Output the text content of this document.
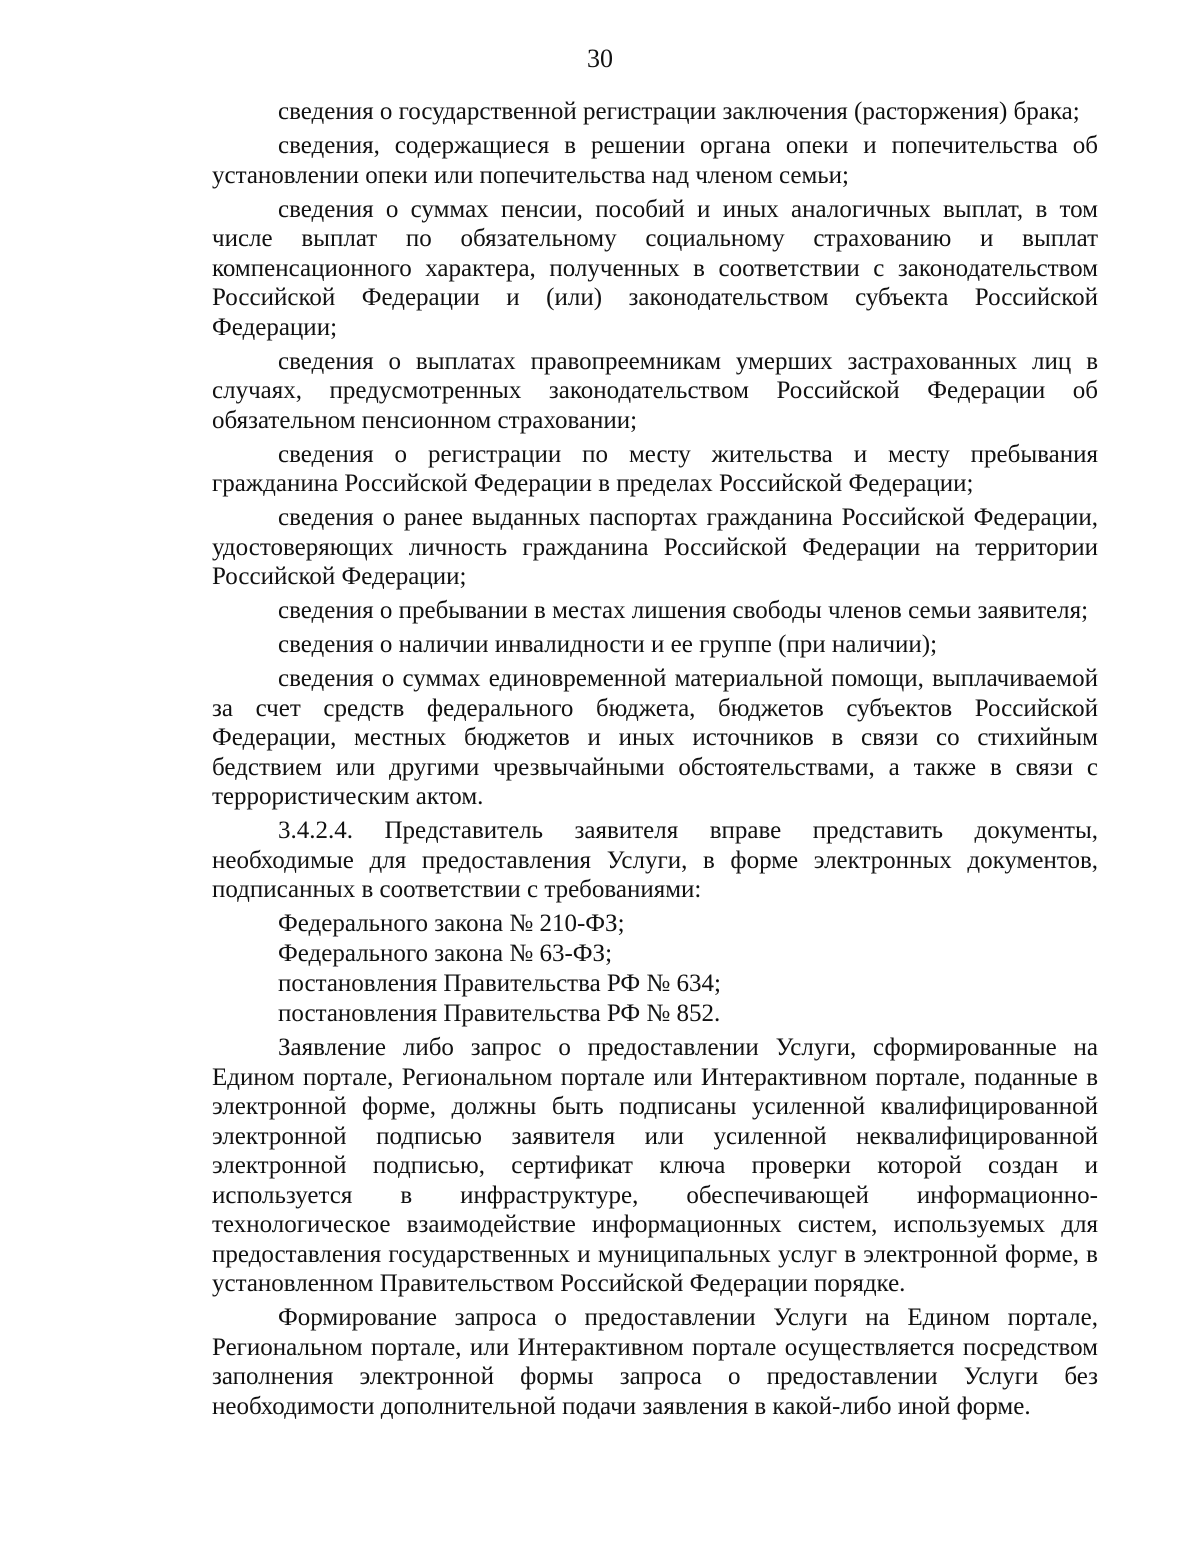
30

сведения о государственной регистрации заключения (расторжения) брака;

сведения, содержащиеся в решении органа опеки и попечительства об установлении опеки или попечительства над членом семьи;

сведения о суммах пенсии, пособий и иных аналогичных выплат, в том числе выплат по обязательному социальному страхованию и выплат компенсационного характера, полученных в соответствии с законодательством Российской Федерации и (или) законодательством субъекта Российской Федерации;

сведения о выплатах правопреемникам умерших застрахованных лиц в случаях, предусмотренных законодательством Российской Федерации об обязательном пенсионном страховании;

сведения о регистрации по месту жительства и месту пребывания гражданина Российской Федерации в пределах Российской Федерации;

сведения о ранее выданных паспортах гражданина Российской Федерации, удостоверяющих личность гражданина Российской Федерации на территории Российской Федерации;

сведения о пребывании в местах лишения свободы членов семьи заявителя;

сведения о наличии инвалидности и ее группе (при наличии);

сведения о суммах единовременной материальной помощи, выплачиваемой за счет средств федерального бюджета, бюджетов субъектов Российской Федерации, местных бюджетов и иных источников в связи со стихийным бедствием или другими чрезвычайными обстоятельствами, а также в связи с террористическим актом.

3.4.2.4. Представитель заявителя вправе представить документы, необходимые для предоставления Услуги, в форме электронных документов, подписанных в соответствии с требованиями:

Федерального закона № 210-ФЗ;

Федерального закона № 63-ФЗ;

постановления Правительства РФ № 634;

постановления Правительства РФ № 852.

Заявление либо запрос о предоставлении Услуги, сформированные на Едином портале, Региональном портале или Интерактивном портале, поданные в электронной форме, должны быть подписаны усиленной квалифицированной электронной подписью заявителя или усиленной неквалифицированной электронной подписью, сертификат ключа проверки которой создан и используется в инфраструктуре, обеспечивающей информационно-технологическое взаимодействие информационных систем, используемых для предоставления государственных и муниципальных услуг в электронной форме, в установленном Правительством Российской Федерации порядке.

Формирование запроса о предоставлении Услуги на Едином портале, Региональном портале, или Интерактивном портале осуществляется посредством заполнения электронной формы запроса о предоставлении Услуги без необходимости дополнительной подачи заявления в какой-либо иной форме.
